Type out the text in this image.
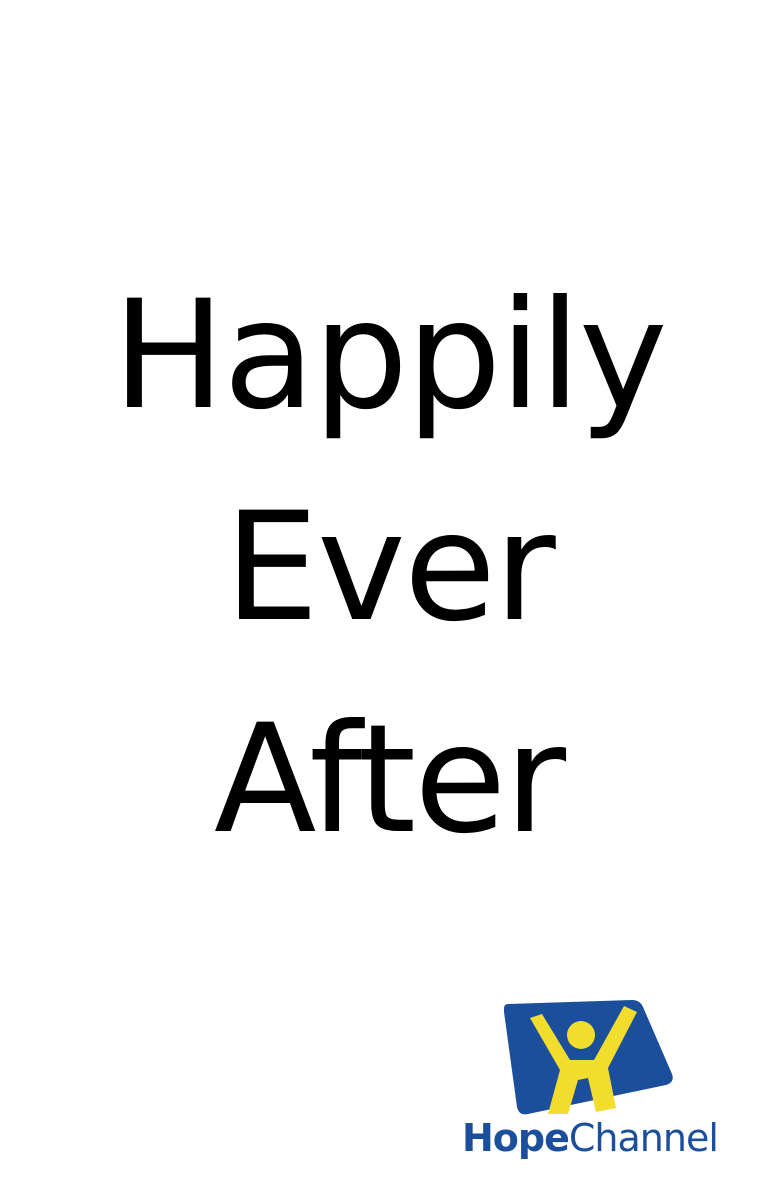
Happily
Ever
After
HopeChannel
